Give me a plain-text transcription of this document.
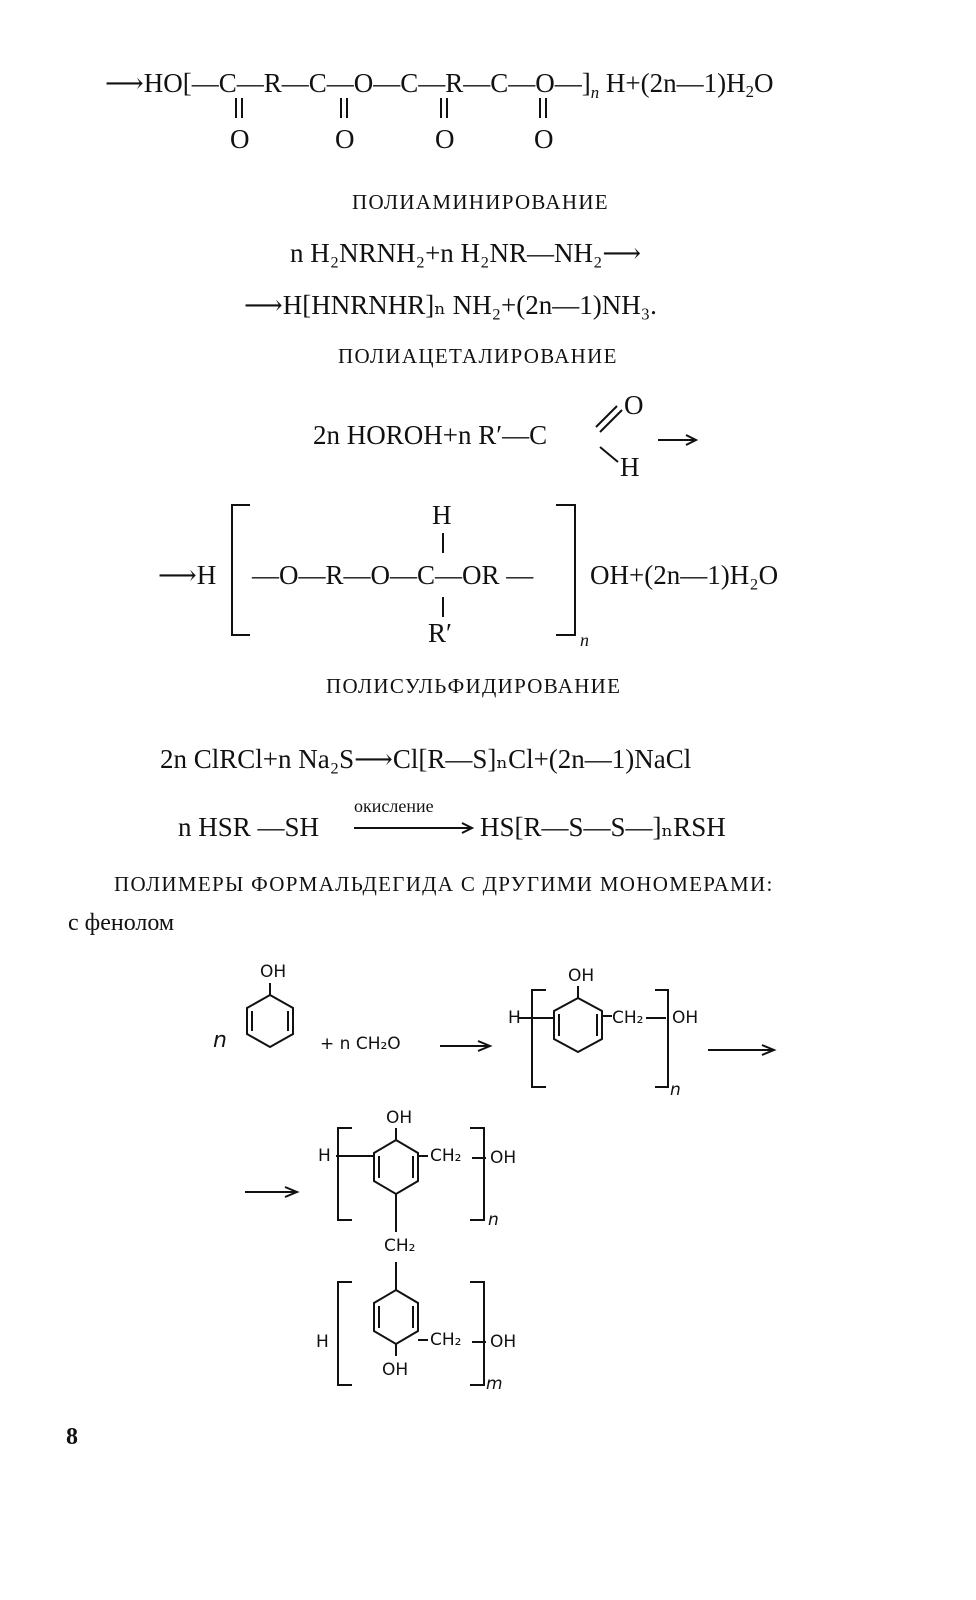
$⟶HO[—C—R—C—O—C—R—C—O—]_n$ $H+(2n—1)H_2O$
O	O	O	O
ПОЛИАМИНИРОВАНИЕ
n H₂NRNH₂+n H₂NR—NH₂⟶
⟶H[HNRNHR]ₙ NH₂+(2n—1)NH₃.
ПОЛИАЦЕТАЛИРОВАНИЕ
2n HOROH+n R′—C
O
H
⟶H
H
—O—R—O—C—OR —
R′	n
OH+(2n—1)H₂O
ПОЛИСУЛЬФИДИРОВАНИЕ
2n ClRCl+n Na₂S⟶Cl[R—S]ₙCl+(2n—1)NaCl
n HSR —SH
окисление
HS[R—S—S—]ₙRSH
ПОЛИМЕРЫ ФОРМАЛЬДЕГИДА С ДРУГИМИ МОНОМЕРАМИ:
с фенолом
n
OH
+ n CH₂O
H
OH
CH₂ OH
n
H
OH
CH₂ OH
n
CH₂
H	CH₂ OH
OH
m
8
